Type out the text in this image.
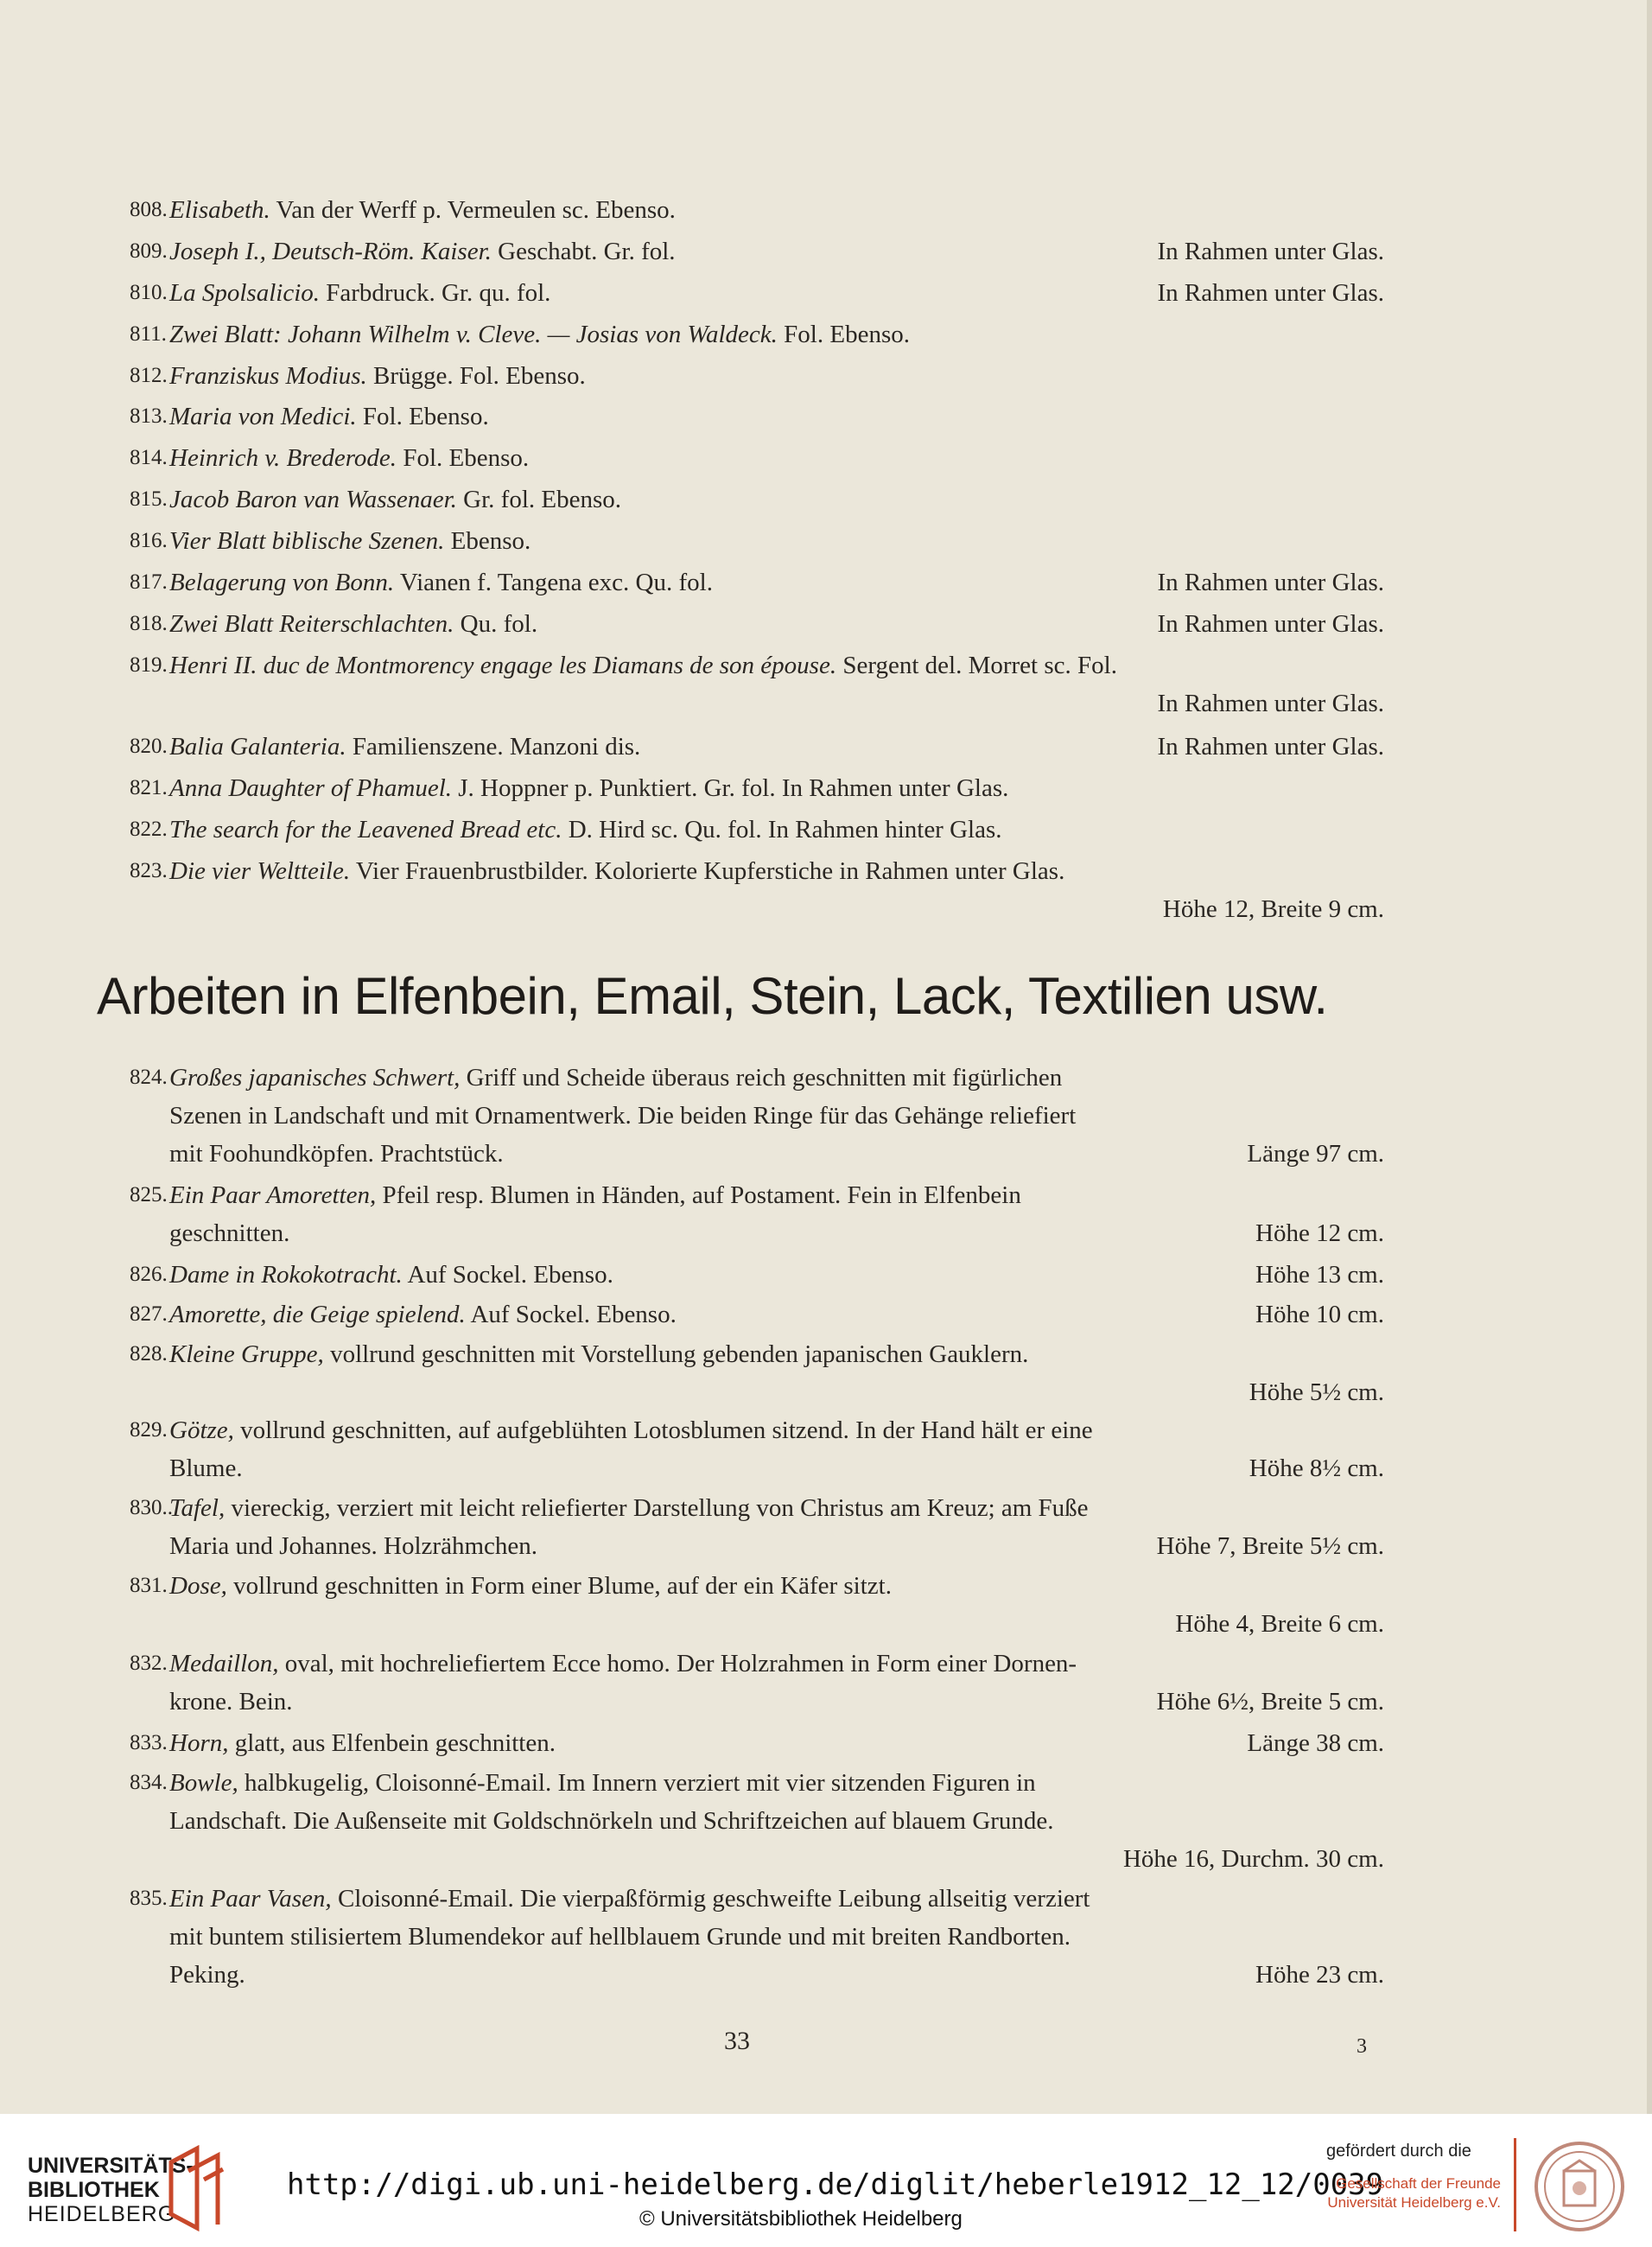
808. Elisabeth. Van der Werff p. Vermeulen sc. Ebenso.
809. Joseph I., Deutsch-Röm. Kaiser. Geschabt. Gr. fol.	In Rahmen unter Glas.
810. La Spolsalicio. Farbdruck. Gr. qu. fol.	In Rahmen unter Glas.
811. Zwei Blatt: Johann Wilhelm v. Cleve. — Josias von Waldeck. Fol. Ebenso.
812. Franziskus Modius. Brügge. Fol. Ebenso.
813. Maria von Medici. Fol. Ebenso.
814. Heinrich v. Brederode. Fol. Ebenso.
815. Jacob Baron van Wassenaer. Gr. fol. Ebenso.
816. Vier Blatt biblische Szenen. Ebenso.
817. Belagerung von Bonn. Vianen f. Tangena exc. Qu. fol.	In Rahmen unter Glas.
818. Zwei Blatt Reiterschlachten. Qu. fol.	In Rahmen unter Glas.
819. Henri II. duc de Montmorency engage les Diamans de son épouse. Sergent del. Morret sc. Fol.
In Rahmen unter Glas.
820. Balia Galanteria. Familienszene. Manzoni dis.	In Rahmen unter Glas.
821. Anna Daughter of Phamuel. J. Hoppner p. Punktiert. Gr. fol. In Rahmen unter Glas.
822. The search for the Leavened Bread etc. D. Hird sc. Qu. fol. In Rahmen hinter Glas.
823. Die vier Weltteile. Vier Frauenbrustbilder. Kolorierte Kupferstiche in Rahmen unter Glas.
Höhe 12, Breite 9 cm.
Arbeiten in Elfenbein, Email, Stein, Lack, Textilien usw.
824. Großes japanisches Schwert, Griff und Scheide überaus reich geschnitten mit figürlichen
Szenen in Landschaft und mit Ornamentwerk. Die beiden Ringe für das Gehänge reliefiert
mit Foohundköpfen. Prachtstück.	Länge 97 cm.
825. Ein Paar Amoretten, Pfeil resp. Blumen in Händen, auf Postament. Fein in Elfenbein
geschnitten.	Höhe 12 cm.
826. Dame in Rokokotracht. Auf Sockel. Ebenso.	Höhe 13 cm.
827. Amorette, die Geige spielend. Auf Sockel. Ebenso.	Höhe 10 cm.
828. Kleine Gruppe, vollrund geschnitten mit Vorstellung gebenden japanischen Gauklern.
Höhe 5½ cm.
829. Götze, vollrund geschnitten, auf aufgeblühten Lotosblumen sitzend. In der Hand hält er eine
Blume.	Höhe 8½ cm.
830..
Tafel, viereckig, verziert mit leicht reliefierter Darstellung von Christus am Kreuz; am Fuße
Maria und Johannes. Holzrähmchen.	Höhe 7, Breite 5½ cm.
831. Dose, vollrund geschnitten in Form einer Blume, auf der ein Käfer sitzt.
Höhe 4, Breite 6 cm.
832. Medaillon, oval, mit hochreliefiertem Ecce homo. Der Holzrahmen in Form einer Dornen-
krone. Bein.	Höhe 6½, Breite 5 cm.
833. Horn, glatt, aus Elfenbein geschnitten.	Länge 38 cm.
834. Bowle, halbkugelig, Cloisonné-Email. Im Innern verziert mit vier sitzenden Figuren in
Landschaft. Die Außenseite mit Goldschnörkeln und Schriftzeichen auf blauem Grunde.
Höhe 16, Durchm. 30 cm.
835. Ein Paar Vasen, Cloisonné-Email. Die vierpaßförmig geschweifte Leibung allseitig verziert
mit buntem stilisiertem Blumendekor auf hellblauem Grunde und mit breiten Randborten.
Peking.	Höhe 23 cm.
33	3
UNIVERSITÄTS-
BIBLIOTHEK
HEIDELBERG
http://digi.ub.uni-heidelberg.de/diglit/heberle1912_12_12/0039
© Universitätsbibliothek Heidelberg
gefördert durch die
Gesellschaft der Freunde
Universität Heidelberg e.V.
